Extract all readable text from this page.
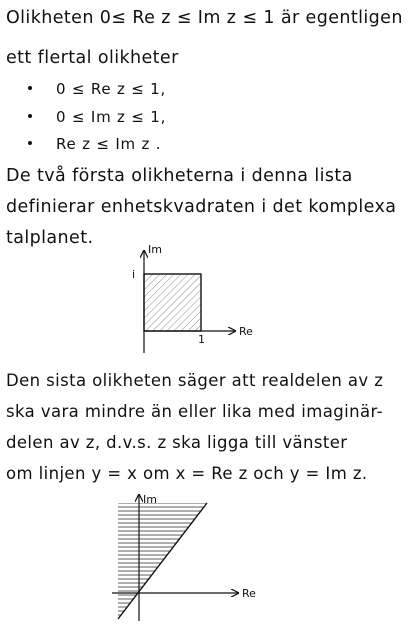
Olikheten 0≤ Re z ≤ Im z ≤ 1 är egentligen
ett flertal olikheter
0 ≤ Re z ≤ 1,
0 ≤ Im z ≤ 1,
Re z ≤ Im z .
De två första olikheterna i denna lista
definierar enhetskvadraten i det komplexa
talplanet.
Im
Re
i
1
Den sista olikheten säger att realdelen av z
ska vara mindre än eller lika med imaginär-
delen av z, d.v.s. z ska ligga till vänster
om linjen y = x om x = Re z och y = Im z.
Im
Re
